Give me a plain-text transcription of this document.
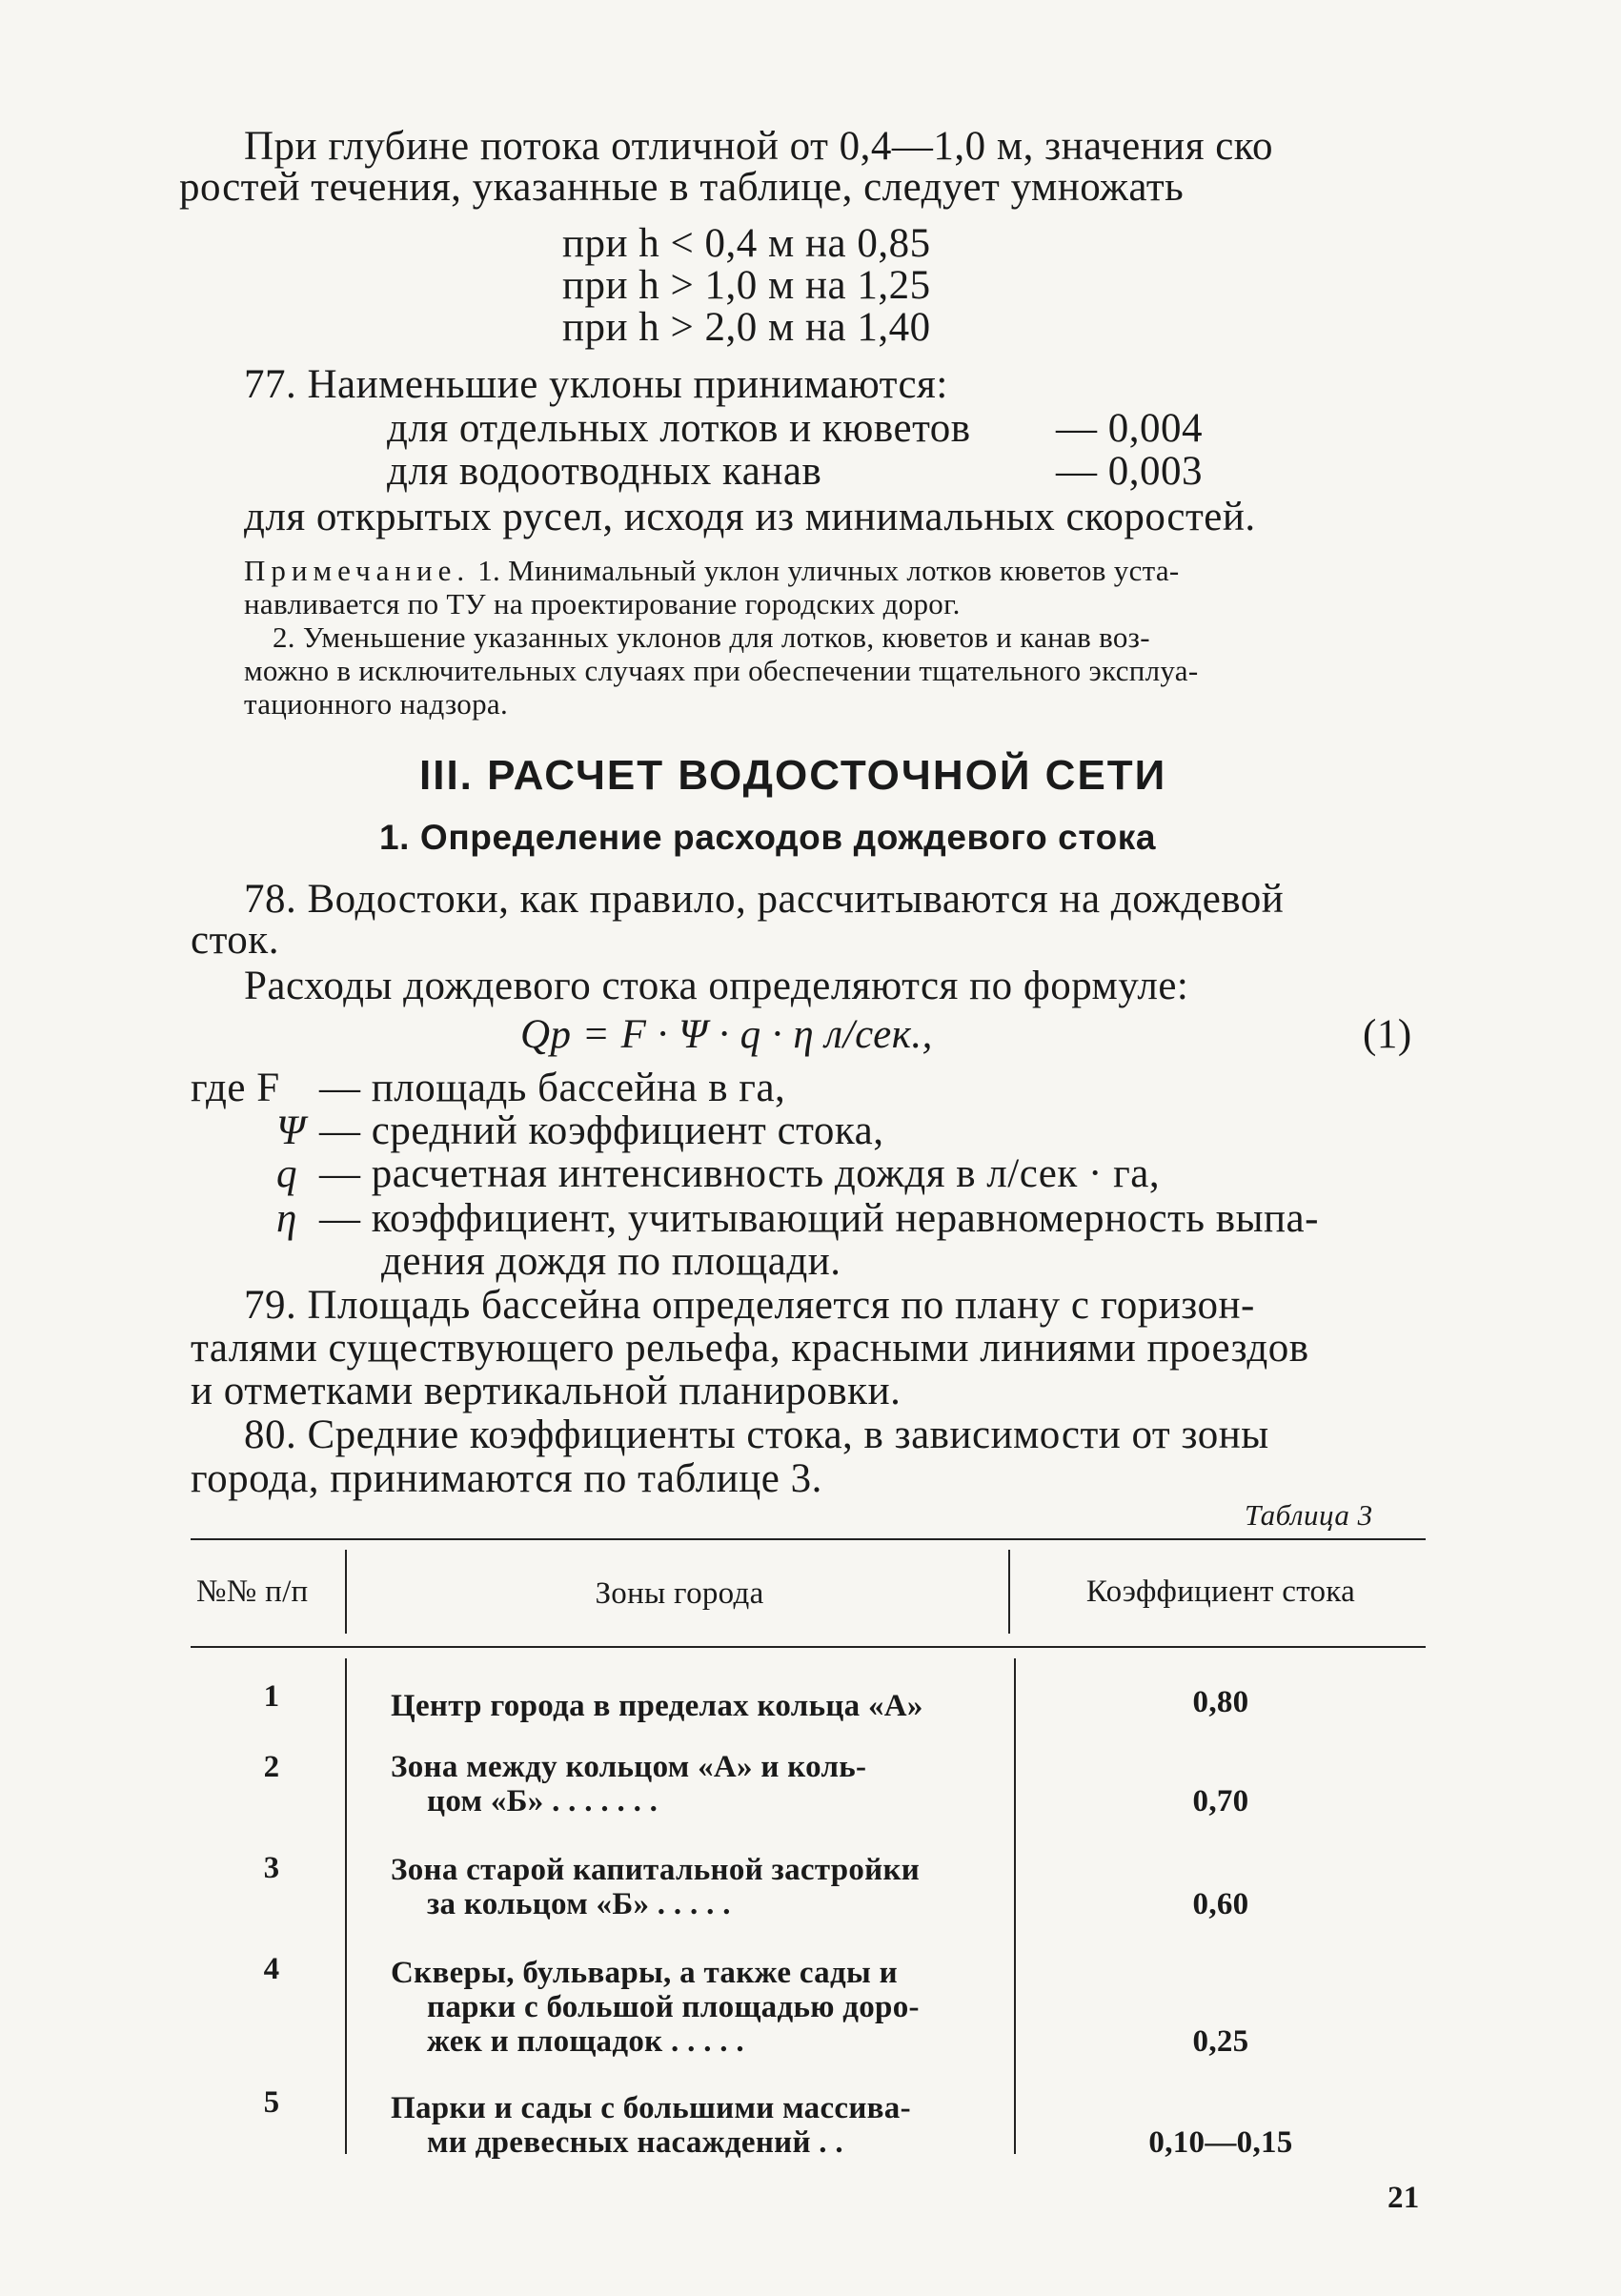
При глубине потока отличной от 0,4—1,0 м, значения ско
ростей течения, указанные в таблице, следует умножать
при h < 0,4 м на 0,85
при h > 1,0 м на 1,25
при h > 2,0 м на 1,40
77. Наименьшие уклоны принимаются:
для отдельных лотков и кюветов — 0,004
для водоотводных канав	— 0,003
для открытых русел, исходя из минимальных скоростей.
Примечание. 1. Минимальный уклон уличных лотков кюветов уста-
навливается по ТУ на проектирование городских дорог.
2. Уменьшение указанных уклонов для лотков, кюветов и канав воз-
можно в исключительных случаях при обеспечении тщательного эксплуа-
тационного надзора.
III. РАСЧЕТ ВОДОСТОЧНОЙ СЕТИ
1. Определение расходов дождевого стока
78. Водостоки, как правило, рассчитываются на дождевой
сток.
Расходы дождевого стока определяются по формуле:
Qр = F · Ψ · q · η л/сек.,	(1)
где F — площадь бассейна в га,
Ψ — средний коэффициент стока,
q — расчетная интенсивность дождя в л/сек · га,
η — коэффициент, учитывающий неравномерность выпа-
дения дождя по площади.
79. Площадь бассейна определяется по плану с горизон-
талями существующего рельефа, красными линиями проездов
и отметками вертикальной планировки.
80. Средние коэффициенты стока, в зависимости от зоны
города, принимаются по таблице 3.
Таблица 3
№№ п/п	Зоны города	Коэффициент стока
1	Центр города в пределах кольца «А»	0,80
2	Зона между кольцом «А» и коль-
цом «Б» . . . . . . .	0,70
3	Зона старой капитальной застройки
за кольцом «Б» . . . . .	0,60
4	Скверы, бульвары, а также сады и
парки с большой площадью доро-
жек и площадок . . . . .	0,25
5	Парки и сады с большими массива-
ми древесных насаждений . .	0,10—0,15
21
